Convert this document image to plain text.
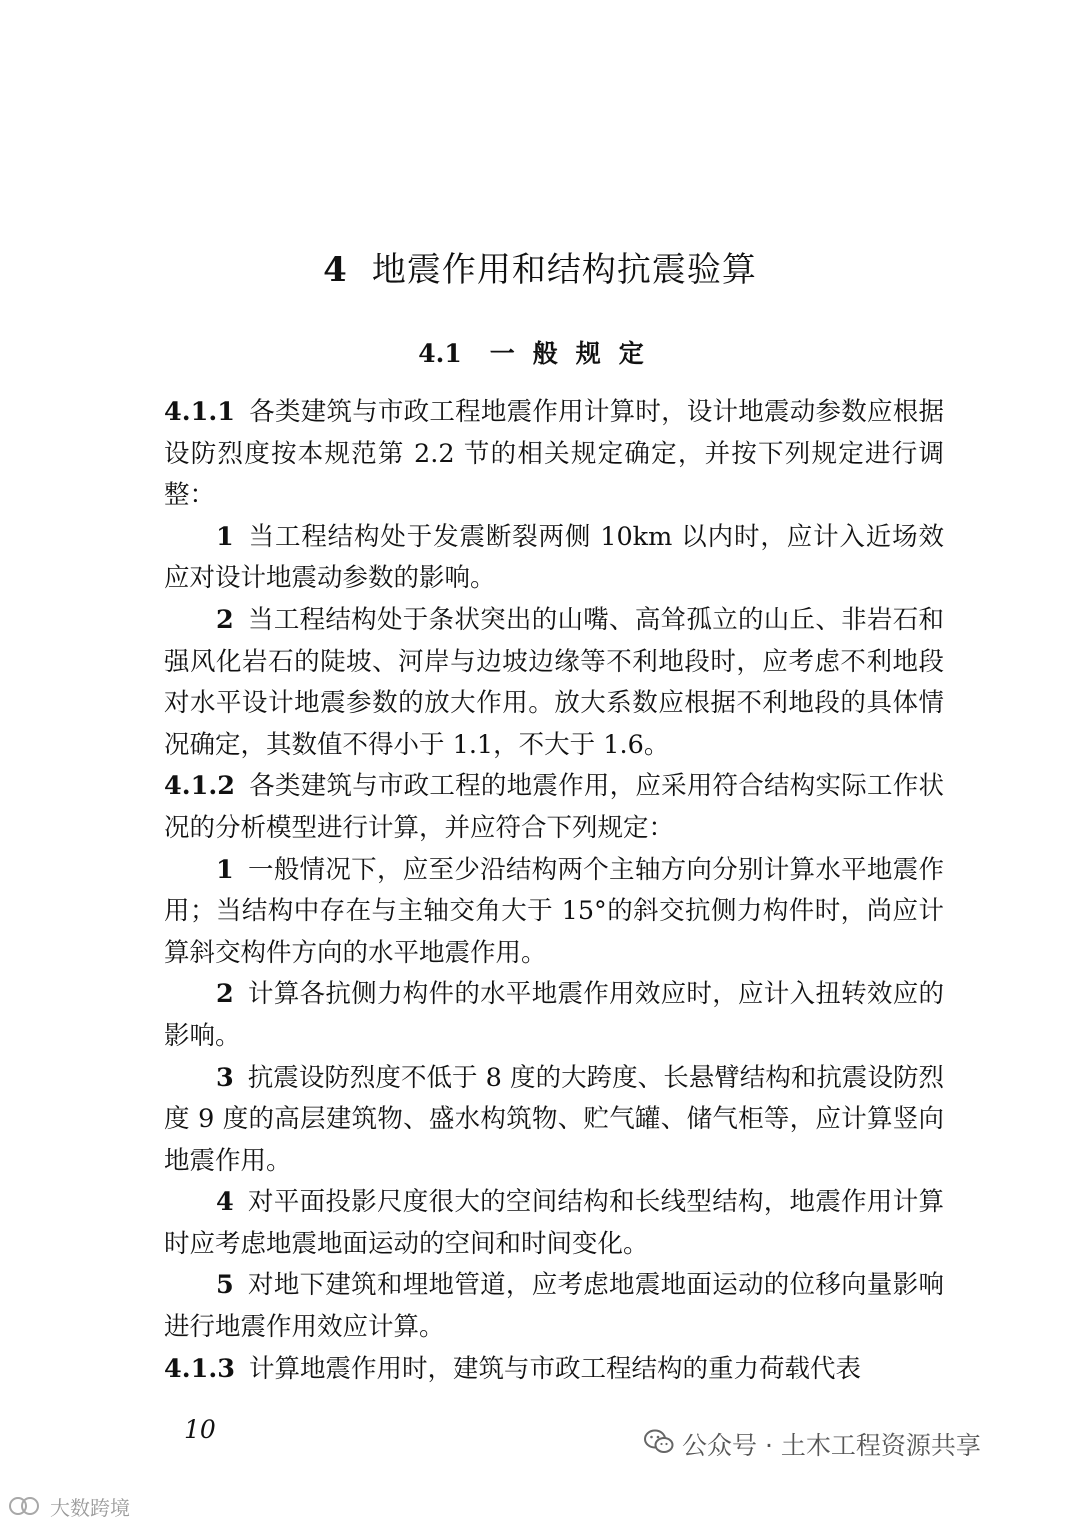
4 地震作用和结构抗震验算
4.1 一般规定

4.1.1 各类建筑与市政工程地震作用计算时，设计地震动参数应根据设防烈度按本规范第 2.2 节的相关规定确定，并按下列规定进行调整：

1 当工程结构处于发震断裂两侧 10km 以内时，应计入近场效应对设计地震动参数的影响。

2 当工程结构处于条状突出的山嘴、高耸孤立的山丘、非岩石和强风化岩石的陡坡、河岸与边坡边缘等不利地段时，应考虑不利地段对水平设计地震参数的放大作用。放大系数应根据不利地段的具体情况确定，其数值不得小于 1.1，不大于 1.6。

4.1.2 各类建筑与市政工程的地震作用，应采用符合结构实际工作状况的分析模型进行计算，并应符合下列规定：

1 一般情况下，应至少沿结构两个主轴方向分别计算水平地震作用；当结构中存在与主轴交角大于 15°的斜交抗侧力构件时，尚应计算斜交构件方向的水平地震作用。

2 计算各抗侧力构件的水平地震作用效应时，应计入扭转效应的影响。

3 抗震设防烈度不低于 8 度的大跨度、长悬臂结构和抗震设防烈度 9 度的高层建筑物、盛水构筑物、贮气罐、储气柜等，应计算竖向地震作用。

4 对平面投影尺度很大的空间结构和长线型结构，地震作用计算时应考虑地震地面运动的空间和时间变化。

5 对地下建筑和埋地管道，应考虑地震地面运动的位移向量影响进行地震作用效应计算。

4.1.3 计算地震作用时，建筑与市政工程结构的重力荷载代表

10
公众号 · 土木工程资源共享
大数跨境
